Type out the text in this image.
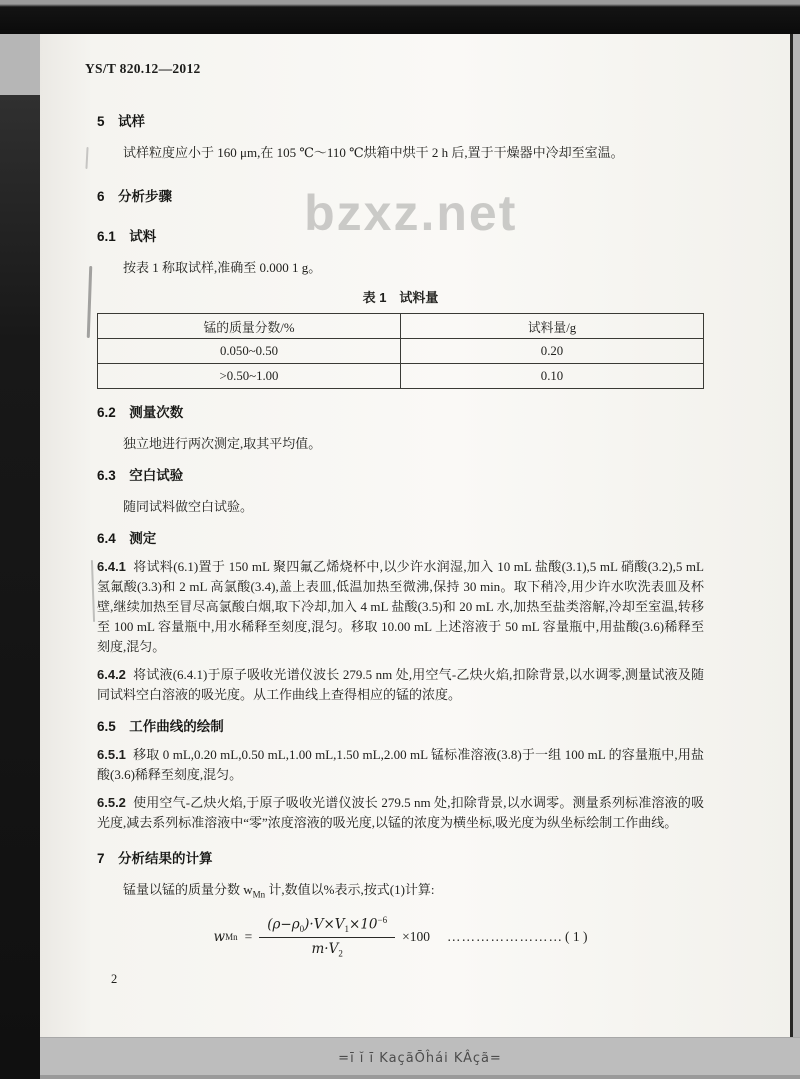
bzxz.net
YS/T 820.12—2012
5　试样

试样粒度应小于 160 μm,在 105 ℃～110 ℃烘箱中烘干 2 h 后,置于干燥器中冷却至室温。

6　分析步骤
6.1　试料

按表 1 称取试样,准确至 0.000 1 g。

表 1　试料量
锰的质量分数/%	试料量/g
0.050~0.50	0.20
>0.50~1.00	0.10
6.2　测量次数

独立地进行两次测定,取其平均值。

6.3　空白试验

随同试料做空白试验。

6.4　测定

6.4.1 将试料(6.1)置于 150 mL 聚四氟乙烯烧杯中,以少许水润湿,加入 10 mL 盐酸(3.1),5 mL 硝酸(3.2),5 mL 氢氟酸(3.3)和 2 mL 高氯酸(3.4),盖上表皿,低温加热至微沸,保持 30 min。取下稍冷,用少许水吹洗表皿及杯壁,继续加热至冒尽高氯酸白烟,取下冷却,加入 4 mL 盐酸(3.5)和 20 mL 水,加热至盐类溶解,冷却至室温,转移至 100 mL 容量瓶中,用水稀释至刻度,混匀。移取 10.00 mL 上述溶液于 50 mL 容量瓶中,用盐酸(3.6)稀释至刻度,混匀。

6.4.2 将试液(6.4.1)于原子吸收光谱仪波长 279.5 nm 处,用空气-乙炔火焰,扣除背景,以水调零,测量试液及随同试料空白溶液的吸光度。从工作曲线上查得相应的锰的浓度。

6.5　工作曲线的绘制

6.5.1 移取 0 mL,0.20 mL,0.50 mL,1.00 mL,1.50 mL,2.00 mL 锰标准溶液(3.8)于一组 100 mL 的容量瓶中,用盐酸(3.6)稀释至刻度,混匀。

6.5.2 使用空气-乙炔火焰,于原子吸收光谱仪波长 279.5 nm 处,扣除背景,以水调零。测量系列标准溶液的吸光度,减去系列标准溶液中“零”浓度溶液的吸光度,以锰的浓度为横坐标,吸光度为纵坐标绘制工作曲线。

7　分析结果的计算

锰量以锰的质量分数 $w_{Mn}$ 计,数值以%表示,按式(1)计算:

w $Mn = \frac{(\rho-\rho_0)\cdot V\times V_1\times 10^{-6}}{m\cdot V_2} \times 100$ …………………… ( 1 )
2
=ī ĭ ī KaçãŌĥái KÂçã=
